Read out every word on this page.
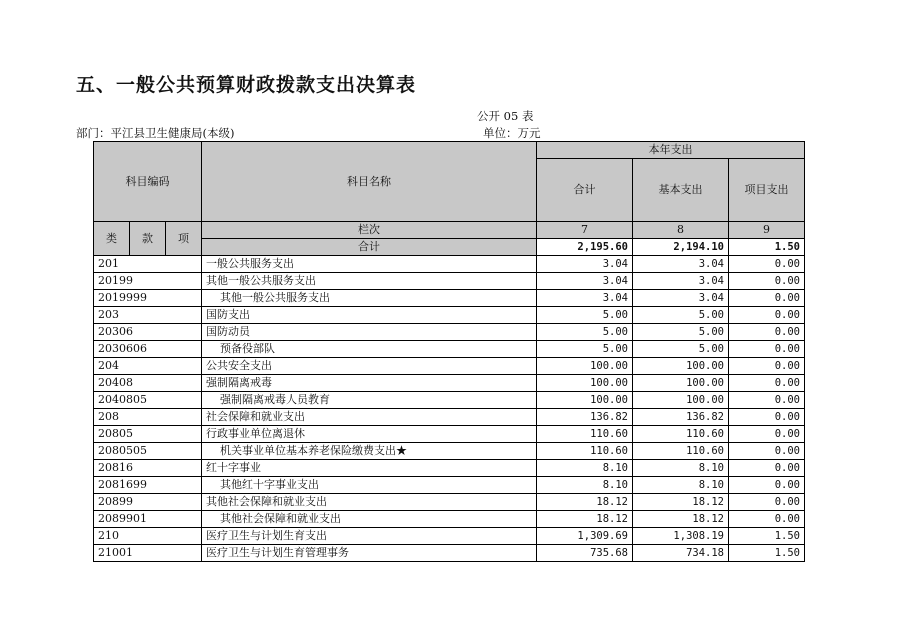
五、一般公共预算财政拨款支出决算表
公开 05 表
部门：平江县卫生健康局(本级)	单位：万元
科目编码			科目名称	本年支出		
				合计	基本支出	项目支出

类	款	项	栏次	7	8	9
			合计	2,195.60	2,194.10	1.50
201			一般公共服务支出	3.04	3.04	0.00
20199			其他一般公共服务支出	3.04	3.04	0.00
2019999			其他一般公共服务支出	3.04	3.04	0.00
203			国防支出	5.00	5.00	0.00
20306			国防动员	5.00	5.00	0.00
2030606			预备役部队	5.00	5.00	0.00
204			公共安全支出	100.00	100.00	0.00
20408			强制隔离戒毒	100.00	100.00	0.00
2040805			强制隔离戒毒人员教育	100.00	100.00	0.00
208			社会保障和就业支出	136.82	136.82	0.00
20805			行政事业单位离退休	110.60	110.60	0.00
2080505			机关事业单位基本养老保险缴费支出★	110.60	110.60	0.00
20816			红十字事业	8.10	8.10	0.00
2081699			其他红十字事业支出	8.10	8.10	0.00
20899			其他社会保障和就业支出	18.12	18.12	0.00
2089901			其他社会保障和就业支出	18.12	18.12	0.00
210			医疗卫生与计划生育支出	1,309.69	1,308.19	1.50
21001			医疗卫生与计划生育管理事务	735.68	734.18	1.50
